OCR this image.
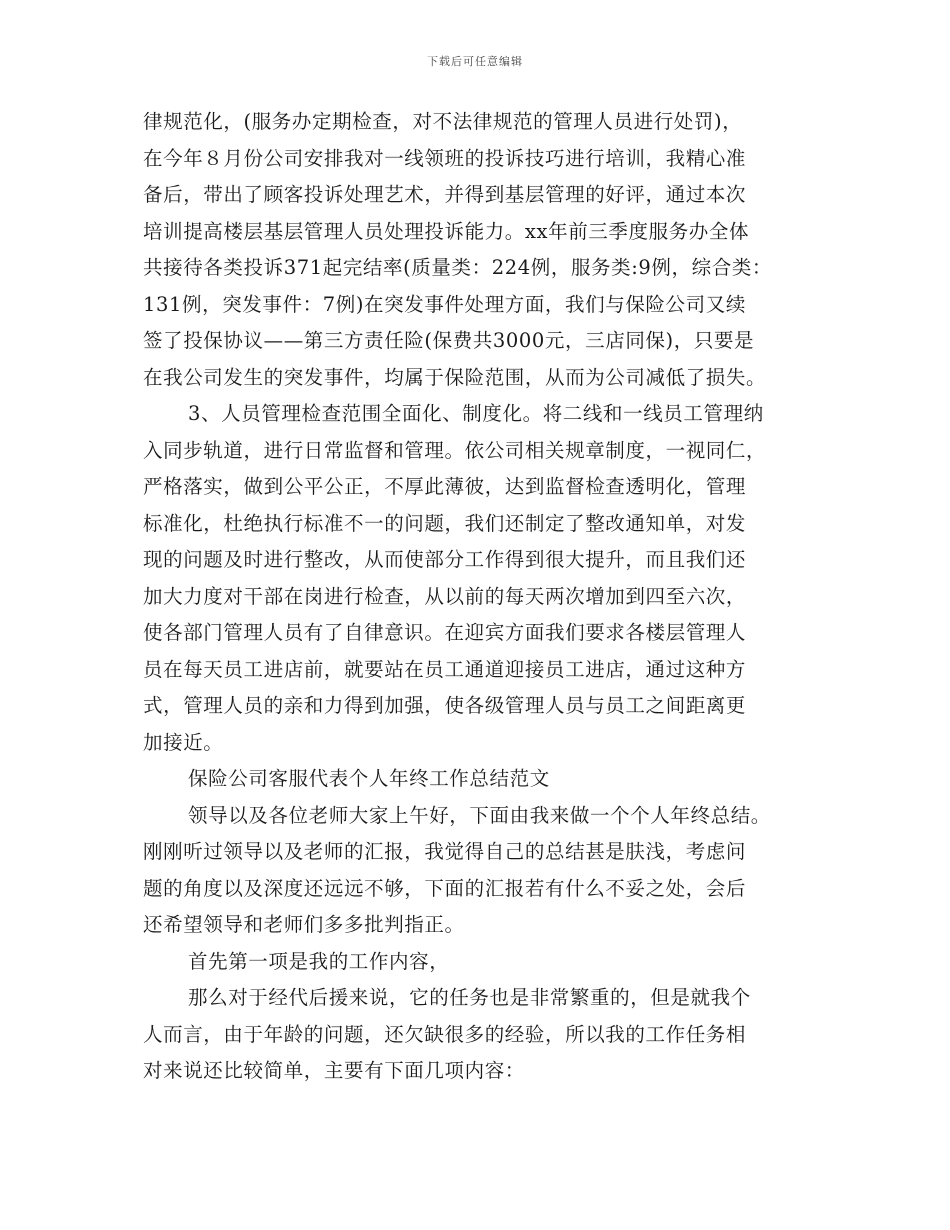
下载后可任意编辑
律规范化，(服务办定期检查，对不法律规范的管理人员进行处罚)，
在今年８月份公司安排我对一线领班的投诉技巧进行培训，我精心准
备后，带出了顾客投诉处理艺术，并得到基层管理的好评，通过本次
培训提高楼层基层管理人员处理投诉能力。xx年前三季度服务办全体
共接待各类投诉371起完结率(质量类：224例，服务类:9例，综合类：
131例，突发事件：7例)在突发事件处理方面，我们与保险公司又续
签了投保协议——第三方责任险(保费共3000元，三店同保)，只要是
在我公司发生的突发事件，均属于保险范围，从而为公司减低了损失。
3、人员管理检查范围全面化、制度化。将二线和一线员工管理纳
入同步轨道，进行日常监督和管理。依公司相关规章制度，一视同仁，
严格落实，做到公平公正，不厚此薄彼，达到监督检查透明化，管理
标准化，杜绝执行标准不一的问题，我们还制定了整改通知单，对发
现的问题及时进行整改，从而使部分工作得到很大提升，而且我们还
加大力度对干部在岗进行检查，从以前的每天两次增加到四至六次，
使各部门管理人员有了自律意识。在迎宾方面我们要求各楼层管理人
员在每天员工进店前，就要站在员工通道迎接员工进店，通过这种方
式，管理人员的亲和力得到加强，使各级管理人员与员工之间距离更
加接近。
保险公司客服代表个人年终工作总结范文
领导以及各位老师大家上午好，下面由我来做一个个人年终总结。
刚刚听过领导以及老师的汇报，我觉得自己的总结甚是肤浅，考虑问
题的角度以及深度还远远不够，下面的汇报若有什么不妥之处，会后
还希望领导和老师们多多批判指正。
首先第一项是我的工作内容，
那么对于经代后援来说，它的任务也是非常繁重的，但是就我个
人而言，由于年龄的问题，还欠缺很多的经验，所以我的工作任务相
对来说还比较简单，主要有下面几项内容：
